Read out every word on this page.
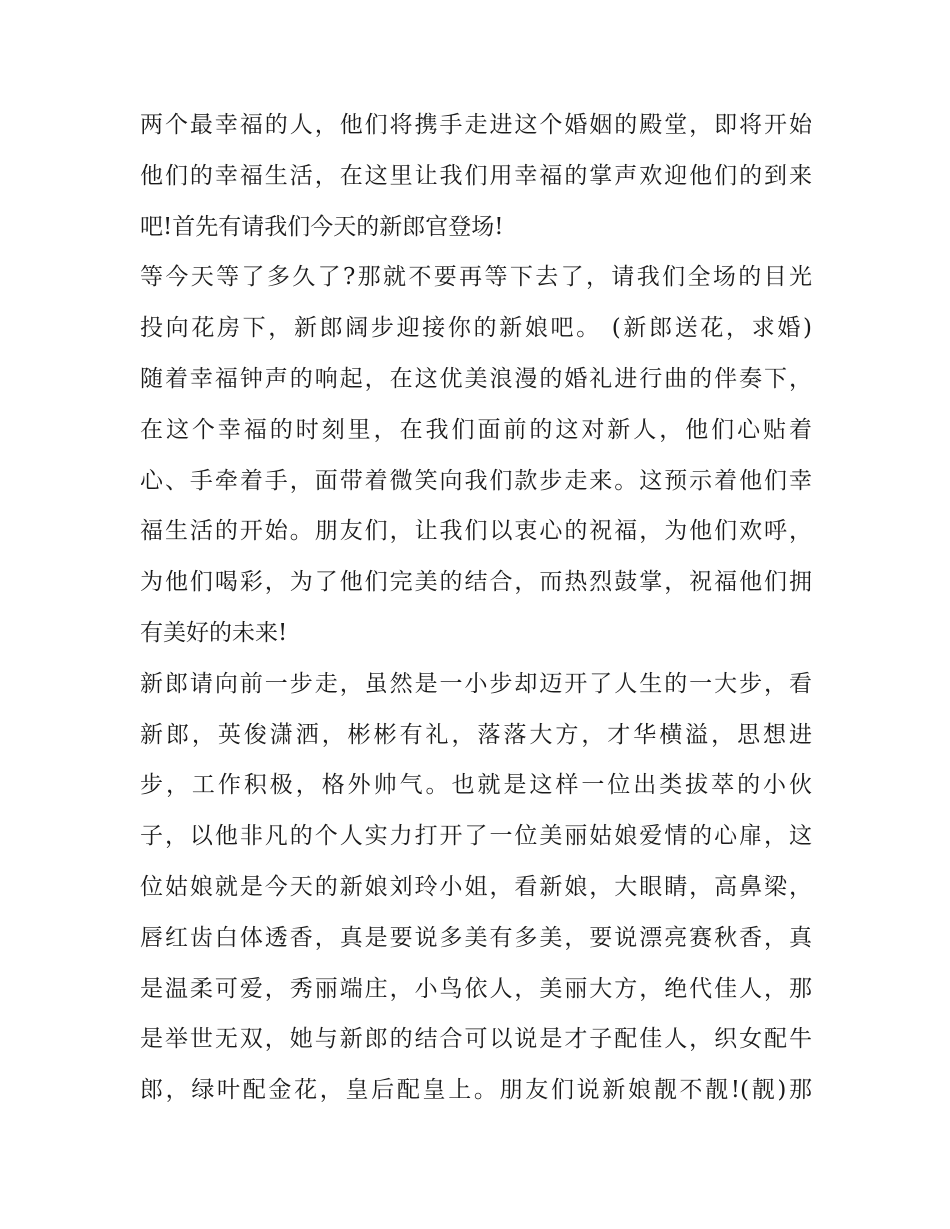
两个最幸福的人，他们将携手走进这个婚姻的殿堂，即将开始
他们的幸福生活，在这里让我们用幸福的掌声欢迎他们的到来
吧!首先有请我们今天的新郎官登场!
等今天等了多久了?那就不要再等下去了，请我们全场的目光
投向花房下，新郎阔步迎接你的新娘吧。 (新郎送花，求婚)
随着幸福钟声的响起，在这优美浪漫的婚礼进行曲的伴奏下，
在这个幸福的时刻里，在我们面前的这对新人，他们心贴着
心、手牵着手，面带着微笑向我们款步走来。这预示着他们幸
福生活的开始。朋友们，让我们以衷心的祝福，为他们欢呼，
为他们喝彩，为了他们完美的结合，而热烈鼓掌，祝福他们拥
有美好的未来!
新郎请向前一步走，虽然是一小步却迈开了人生的一大步，看
新郎，英俊潇洒，彬彬有礼，落落大方，才华横溢，思想进
步，工作积极，格外帅气。也就是这样一位出类拔萃的小伙
子，以他非凡的个人实力打开了一位美丽姑娘爱情的心扉，这
位姑娘就是今天的新娘刘玲小姐，看新娘，大眼睛，高鼻梁，
唇红齿白体透香，真是要说多美有多美，要说漂亮赛秋香，真
是温柔可爱，秀丽端庄，小鸟依人，美丽大方，绝代佳人，那
是举世无双，她与新郎的结合可以说是才子配佳人，织女配牛
郎，绿叶配金花，皇后配皇上。朋友们说新娘靓不靓!(靓)那
